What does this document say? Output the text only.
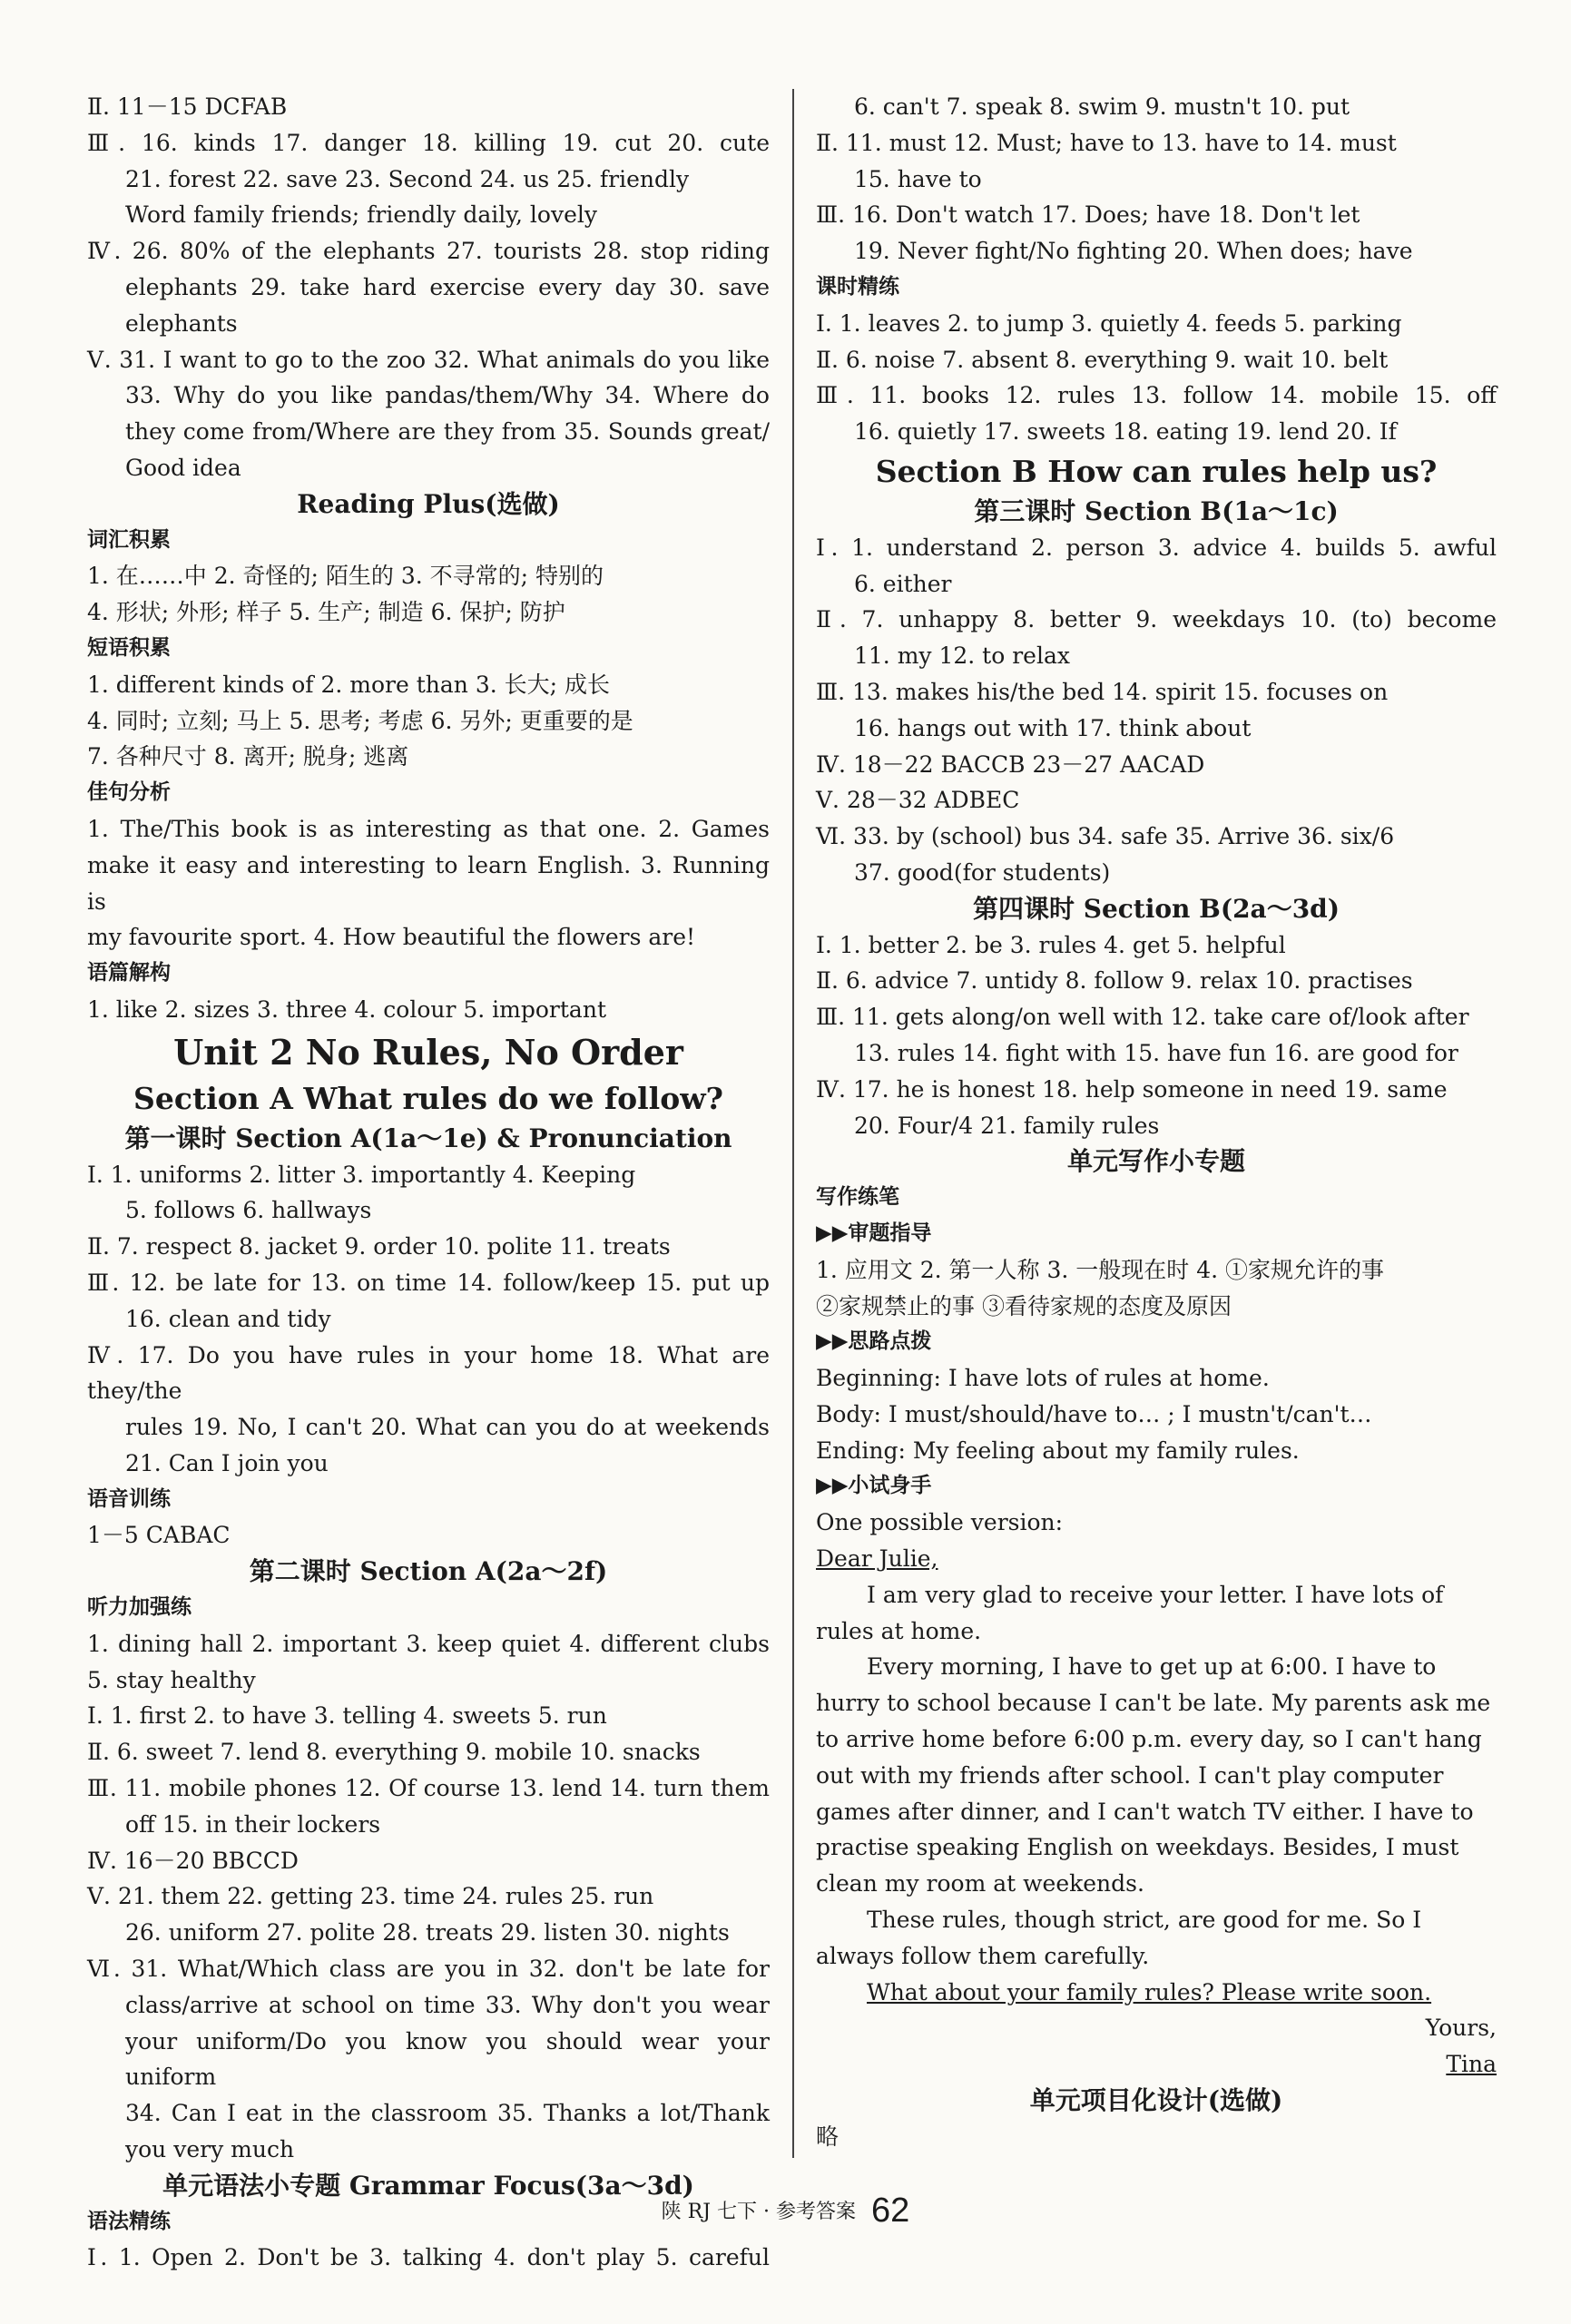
Ⅱ. 11－15 DCFAB
Ⅲ. 16. kinds 17. danger 18. killing 19. cut 20. cute
21. forest 22. save 23. Second 24. us 25. friendly
Word family friends; friendly daily, lovely
Ⅳ. 26. 80% of the elephants 27. tourists 28. stop riding
elephants 29. take hard exercise every day 30. save
elephants
Ⅴ. 31. I want to go to the zoo 32. What animals do you like
33. Why do you like pandas/them/Why 34. Where do
they come from/Where are they from 35. Sounds great/
Good idea
Reading Plus(选做)
词汇积累
1. 在……中 2. 奇怪的; 陌生的 3. 不寻常的; 特别的
4. 形状; 外形; 样子 5. 生产; 制造 6. 保护; 防护
短语积累
1. different kinds of 2. more than 3. 长大; 成长
4. 同时; 立刻; 马上 5. 思考; 考虑 6. 另外; 更重要的是
7. 各种尺寸 8. 离开; 脱身; 逃离
佳句分析
1. The/This book is as interesting as that one. 2. Games
make it easy and interesting to learn English. 3. Running is
my favourite sport. 4. How beautiful the flowers are!
语篇解构
1. like 2. sizes 3. three 4. colour 5. important
Unit 2 No Rules, No Order
Section A What rules do we follow?
第一课时 Section A(1a～1e) & Pronunciation
Ⅰ. 1. uniforms 2. litter 3. importantly 4. Keeping
5. follows 6. hallways
Ⅱ. 7. respect 8. jacket 9. order 10. polite 11. treats
Ⅲ. 12. be late for 13. on time 14. follow/keep 15. put up
16. clean and tidy
Ⅳ. 17. Do you have rules in your home 18. What are they/the
rules 19. No, I can't 20. What can you do at weekends
21. Can I join you
语音训练
1－5 CABAC
第二课时 Section A(2a～2f)
听力加强练
1. dining hall 2. important 3. keep quiet 4. different clubs
5. stay healthy
Ⅰ. 1. first 2. to have 3. telling 4. sweets 5. run
Ⅱ. 6. sweet 7. lend 8. everything 9. mobile 10. snacks
Ⅲ. 11. mobile phones 12. Of course 13. lend 14. turn them
off 15. in their lockers
Ⅳ. 16－20 BBCCD
Ⅴ. 21. them 22. getting 23. time 24. rules 25. run
26. uniform 27. polite 28. treats 29. listen 30. nights
Ⅵ. 31. What/Which class are you in 32. don't be late for
class/arrive at school on time 33. Why don't you wear
your uniform/Do you know you should wear your uniform
34. Can I eat in the classroom 35. Thanks a lot/Thank
you very much
单元语法小专题 Grammar Focus(3a～3d)
语法精练
Ⅰ. 1. Open 2. Don't be 3. talking 4. don't play 5. careful
6. can't 7. speak 8. swim 9. mustn't 10. put
Ⅱ. 11. must 12. Must; have to 13. have to 14. must
15. have to
Ⅲ. 16. Don't watch 17. Does; have 18. Don't let
19. Never fight/No fighting 20. When does; have
课时精练
Ⅰ. 1. leaves 2. to jump 3. quietly 4. feeds 5. parking
Ⅱ. 6. noise 7. absent 8. everything 9. wait 10. belt
Ⅲ. 11. books 12. rules 13. follow 14. mobile 15. off
16. quietly 17. sweets 18. eating 19. lend 20. If
Section B How can rules help us?
第三课时 Section B(1a～1c)
Ⅰ. 1. understand 2. person 3. advice 4. builds 5. awful
6. either
Ⅱ. 7. unhappy 8. better 9. weekdays 10. (to) become
11. my 12. to relax
Ⅲ. 13. makes his/the bed 14. spirit 15. focuses on
16. hangs out with 17. think about
Ⅳ. 18－22 BACCB 23－27 AACAD
Ⅴ. 28－32 ADBEC
Ⅵ. 33. by (school) bus 34. safe 35. Arrive 36. six/6
37. good(for students)
第四课时 Section B(2a～3d)
Ⅰ. 1. better 2. be 3. rules 4. get 5. helpful
Ⅱ. 6. advice 7. untidy 8. follow 9. relax 10. practises
Ⅲ. 11. gets along/on well with 12. take care of/look after
13. rules 14. fight with 15. have fun 16. are good for
Ⅳ. 17. he is honest 18. help someone in need 19. same
20. Four/4 21. family rules
单元写作小专题
写作练笔
▶▶审题指导
1. 应用文 2. 第一人称 3. 一般现在时 4. ①家规允许的事
②家规禁止的事 ③看待家规的态度及原因
▶▶思路点拨
Beginning: I have lots of rules at home.
Body: I must/should/have to… ; I mustn't/can't…
Ending: My feeling about my family rules.
▶▶小试身手
One possible version:
Dear Julie,
I am very glad to receive your letter. I have lots of rules at home.
Every morning, I have to get up at 6:00. I have to hurry to school because I can't be late. My parents ask me to arrive home before 6:00 p.m. every day, so I can't hang out with my friends after school. I can't play computer games after dinner, and I can't watch TV either. I have to practise speaking English on weekdays. Besides, I must clean my room at weekends.
These rules, though strict, are good for me. So I always follow them carefully.
What about your family rules? Please write soon.
Yours,
Tina
单元项目化设计(选做)
略
陕 RJ 七下 · 参考答案 62
